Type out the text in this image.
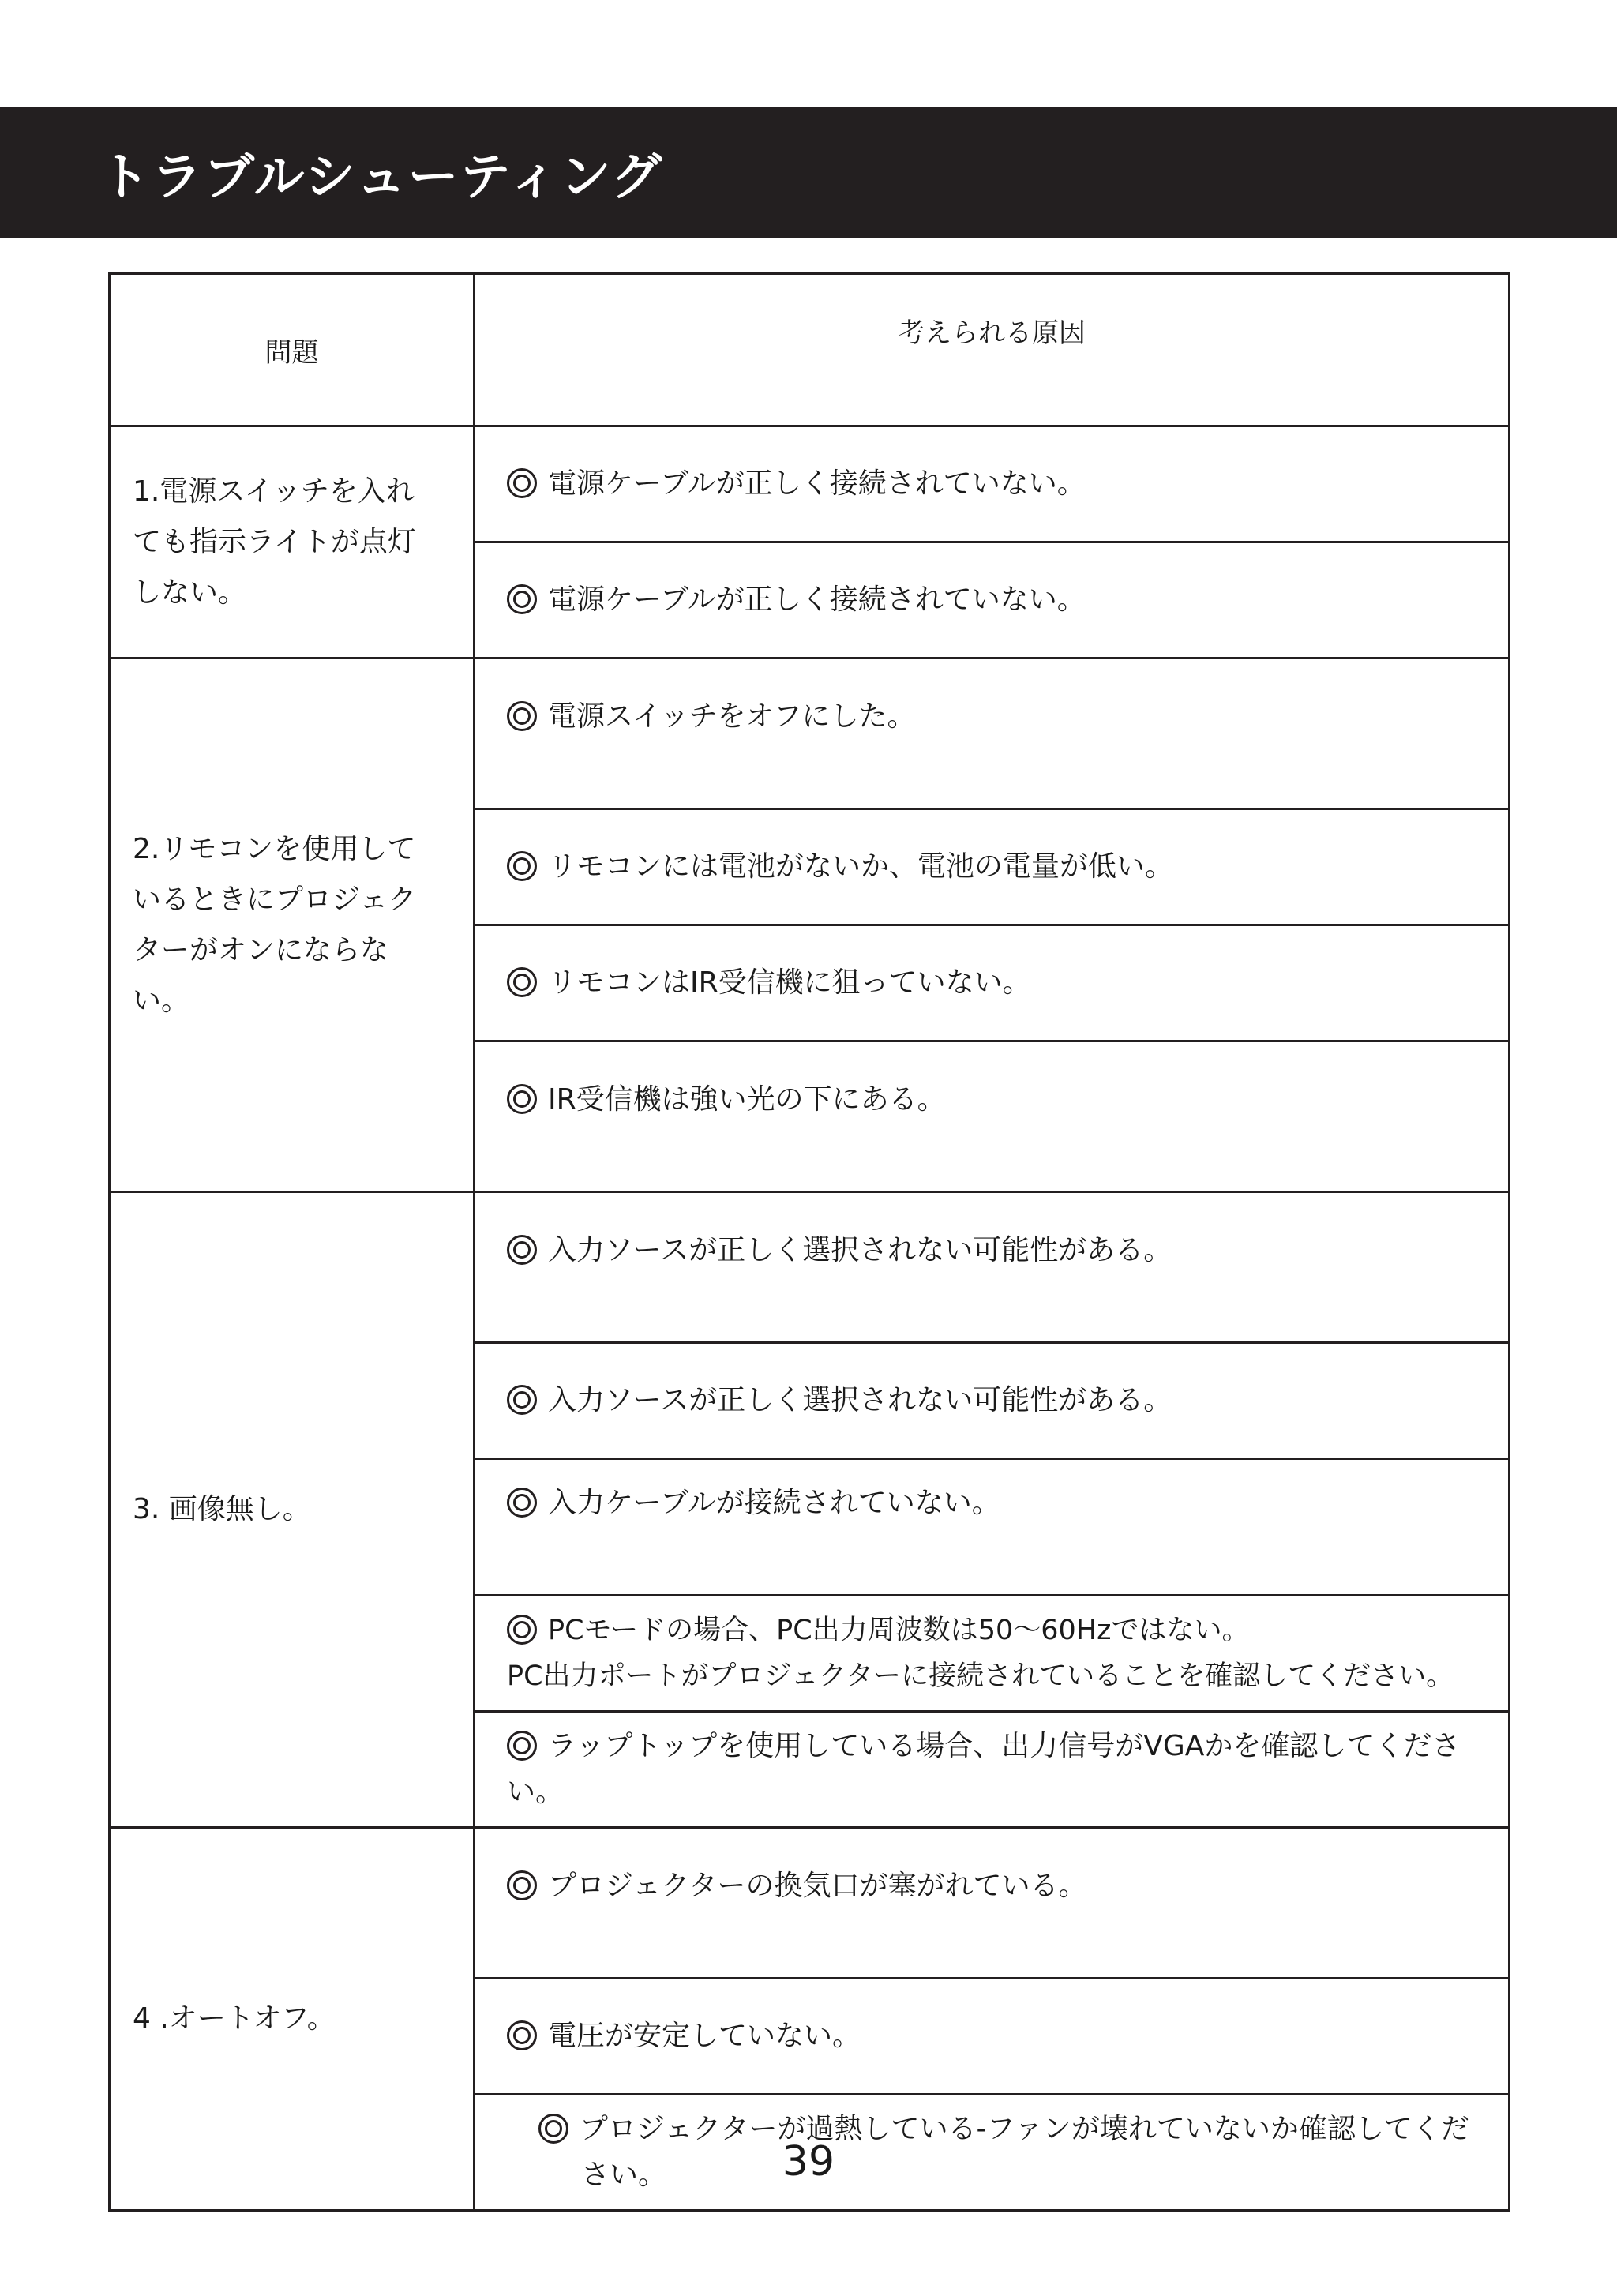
トラブルシューティング
問題	考えられる原因
1.電源スイッチを入れても指示ライトが点灯しない。	電源ケーブルが正しく接続されていない。
	電源ケーブルが正しく接続されていない。
2.リモコンを使用しているときにプロジェクターがオンにならない。	電源スイッチをオフにした。
	リモコンには電池がないか、電池の電量が低い。
	リモコンはIR受信機に狙っていない。
	IR受信機は強い光の下にある。
3. 画像無し。	入力ソースが正しく選択されない可能性がある。
	入力ソースが正しく選択されない可能性がある。
	入力ケーブルが接続されていない。
	PCモードの場合、PC出力周波数は50～60Hzではない。
PC出力ポートがプロジェクターに接続されていることを確認してください。
	ラップトップを使用している場合、出力信号がVGAかを確認してください。
4 .オートオフ。	プロジェクターの換気口が塞がれている。
	電圧が安定していない。

	プロジェクターが過熱している-ファンが壊れていないか確認してください。	39
